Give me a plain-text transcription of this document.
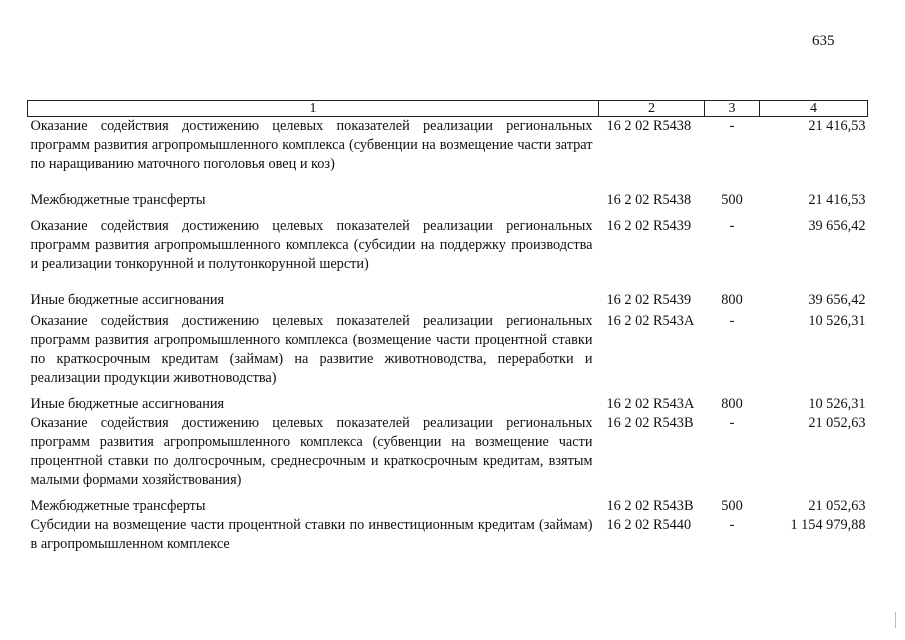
635
1	2	3	4
Оказание содействия достижению целевых показателей реализации региональных программ развития агропромышленного комплекса (субвенции на возмещение части затрат по наращиванию маточного поголовья овец и коз)	16 2 02 R5438	-	21 416,53
Межбюджетные трансферты	16 2 02 R5438	500	21 416,53
Оказание содействия достижению целевых показателей реализации региональных программ развития агропромышленного комплекса (субсидии на поддержку производства и реализации тонкорунной и полутонкорунной шерсти)	16 2 02 R5439	-	39 656,42
Иные бюджетные ассигнования	16 2 02 R5439	800	39 656,42
Оказание содействия достижению целевых показателей реализации региональных программ развития агропромышленного комплекса (возмещение части процентной ставки по краткосрочным кредитам (займам) на развитие животноводства, переработки и реализации продукции животноводства)	16 2 02 R543А	-	10 526,31
Иные бюджетные ассигнования	16 2 02 R543А	800	10 526,31
Оказание содействия достижению целевых показателей реализации региональных программ развития агропромышленного комплекса (субвенции на возмещение части процентной ставки по долгосрочным, среднесрочным и краткосрочным кредитам, взятым малыми формами хозяйствования)	16 2 02 R543В	-	21 052,63
Межбюджетные трансферты	16 2 02 R543В	500	21 052,63
Субсидии на возмещение части процентной ставки по инвестиционным кредитам (займам) в агропромышленном комплексе	16 2 02 R5440	-	1 154 979,88
